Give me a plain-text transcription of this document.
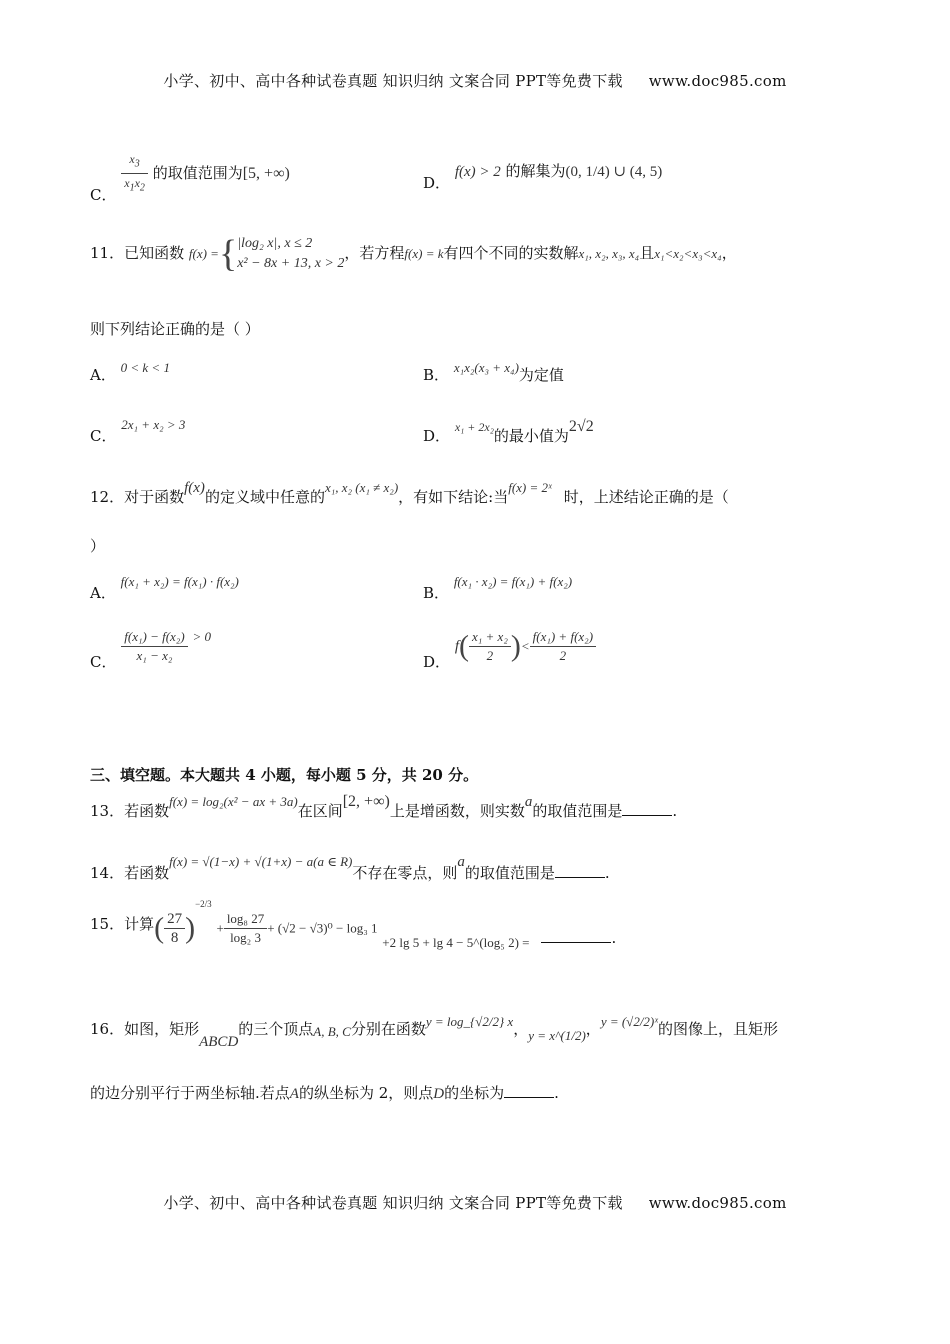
小学、初中、高中各种试卷真题 知识归纳 文案合同 PPT等免费下载 www.doc985.com
C． $\frac{x_3}{x_1x_2}$ 的取值范围为[5, +∞)
D． f(x) > 2 的解集为(0, 1/4) ∪ (4, 5)
11．已知函数 f(x) ={ |log₂ x|, x ≤ 2
x² − 8x + 13, x > 2
，若方程f(x) = k有四个不同的实数解x₁, x₂, x₃, x₄且x₁<x₂<x₃<x₄，
则下列结论正确的是（ ）
A． 0 < k < 1	B． x₁x₂(x₃ + x₄)为定值
C． 2x₁ + x₂ > 3
D． x₁ + 2x₂的最小值为2√2
12．对于函数f(x)的定义域中任意的x₁, x₂ (x₁ ≠ x₂)，有如下结论:当f(x) = 2ˣ时，上述结论正确的是（
）
A． f(x₁ + x₂) = f(x₁) · f(x₂)
B． f(x₁ · x₂) = f(x₁) + f(x₂)
C． $\frac{\text{f(x₁) − f(x₂)}}{\text{x₁ − x₂}} > 0$
D． $f( \frac{\text{x₁ + x₂}}{2}$ )< $\frac{\text{f(x₁) + f(x₂)}}{2}$
三、填空题。本大题共 4 小题，每小题 5 分，共 20 分。
13．若函数f(x) = log₂(x² − ax + 3a)在区间[2, +∞)上是增函数，则实数a的取值范围是	.
14．若函数f(x) = √(1−x) + √(1+x) − a(a ∈ R)不存在零点，则a的取值范围是	.
15．计算( $\frac{27}{8} )^{-2/3} + \frac{\text{log₈ 27}}{\text{log₂ 3}} + (√2 - √3)^0 - \log_3$ 1 +2 lg 5 + lg 4 − 5^(log₅ 2) =	.
16．如图，矩形ABCD的三个顶点A, B, C分别在函数y = log_{√2/2} x，y = x^(1/2)，y = (√2/2)ˣ的图像上，且矩形
的边分别平行于两坐标轴.若点A的纵坐标为 2，则点D的坐标为	.
小学、初中、高中各种试卷真题 知识归纳 文案合同 PPT等免费下载 www.doc985.com
